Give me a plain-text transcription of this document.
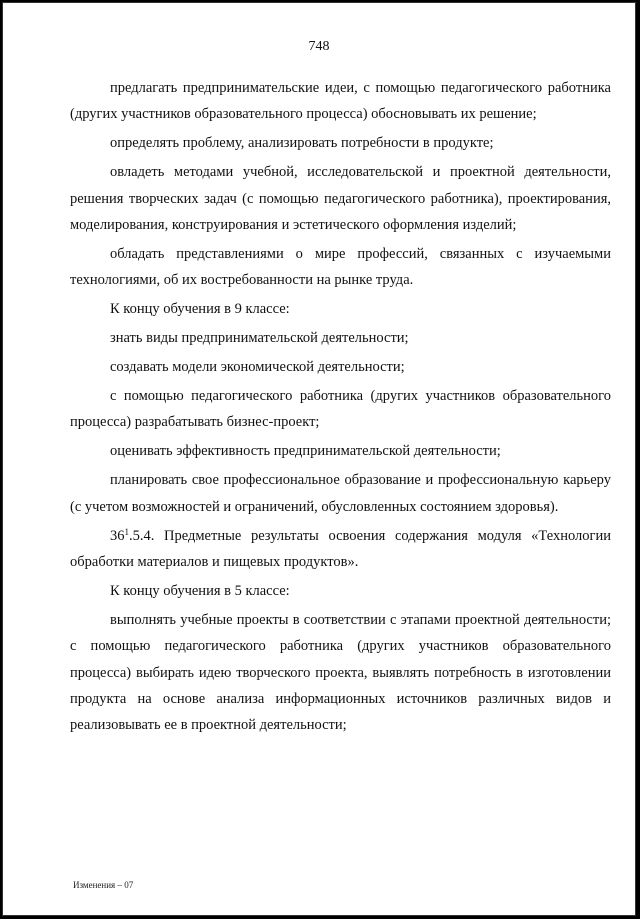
748

предлагать предпринимательские идеи, с помощью педагогического работника (других участников образовательного процесса) обосновывать их решение;

определять проблему, анализировать потребности в продукте;

овладеть методами учебной, исследовательской и проектной деятельности, решения творческих задач (с помощью педагогического работника), проектирования, моделирования, конструирования и эстетического оформления изделий;

обладать представлениями о мире профессий, связанных с изучаемыми технологиями, об их востребованности на рынке труда.

К концу обучения в 9 классе:

знать виды предпринимательской деятельности;

создавать модели экономической деятельности;

с помощью педагогического работника (других участников образовательного процесса) разрабатывать бизнес-проект;

оценивать эффективность предпринимательской деятельности;

планировать свое профессиональное образование и профессиональную карьеру (с учетом возможностей и ограничений, обусловленных состоянием здоровья).

$36^1.5.4$. Предметные результаты освоения содержания модуля «Технологии обработки материалов и пищевых продуктов».

К концу обучения в 5 классе:

выполнять учебные проекты в соответствии с этапами проектной деятельности; с помощью педагогического работника (других участников образовательного процесса) выбирать идею творческого проекта, выявлять потребность в изготовлении продукта на основе анализа информационных источников различных видов и реализовывать ее в проектной деятельности;

Изменения – 07
